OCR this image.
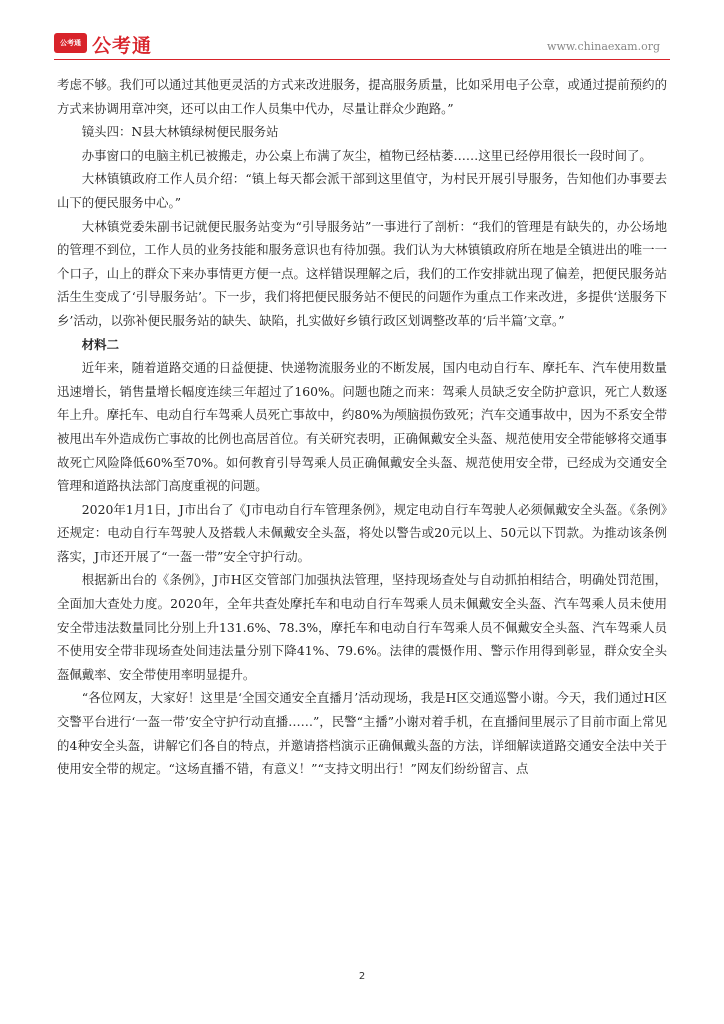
公考通 公考通	www.chinaexam.org

考虑不够。我们可以通过其他更灵活的方式来改进服务，提高服务质量，比如采用电子公章，或通过提前预约的方式来协调用章冲突，还可以由工作人员集中代办，尽量让群众少跑路。”

镜头四：N县大林镇绿树便民服务站

办事窗口的电脑主机已被搬走，办公桌上布满了灰尘，植物已经枯萎……这里已经停用很长一段时间了。

大林镇镇政府工作人员介绍：“镇上每天都会派干部到这里值守，为村民开展引导服务，告知他们办事要去山下的便民服务中心。”

大林镇党委朱副书记就便民服务站变为“引导服务站”一事进行了剖析：“我们的管理是有缺失的，办公场地的管理不到位，工作人员的业务技能和服务意识也有待加强。我们认为大林镇镇政府所在地是全镇进出的唯一一个口子，山上的群众下来办事情更方便一点。这样错误理解之后，我们的工作安排就出现了偏差，把便民服务站活生生变成了‘引导服务站’。下一步，我们将把便民服务站不便民的问题作为重点工作来改进，多提供‘送服务下乡’活动，以弥补便民服务站的缺失、缺陷，扎实做好乡镇行政区划调整改革的‘后半篇’文章。”

材料二

近年来，随着道路交通的日益便捷、快递物流服务业的不断发展，国内电动自行车、摩托车、汽车使用数量迅速增长，销售量增长幅度连续三年超过了160%。问题也随之而来：驾乘人员缺乏安全防护意识，死亡人数逐年上升。摩托车、电动自行车驾乘人员死亡事故中，约80%为颅脑损伤致死；汽车交通事故中，因为不系安全带被甩出车外造成伤亡事故的比例也高居首位。有关研究表明，正确佩戴安全头盔、规范使用安全带能够将交通事故死亡风险降低60%至70%。如何教育引导驾乘人员正确佩戴安全头盔、规范使用安全带，已经成为交通安全管理和道路执法部门高度重视的问题。

2020年1月1日，J市出台了《J市电动自行车管理条例》，规定电动自行车驾驶人必须佩戴安全头盔。《条例》还规定：电动自行车驾驶人及搭载人未佩戴安全头盔，将处以警告或20元以上、50元以下罚款。为推动该条例落实，J市还开展了“一盔一带”安全守护行动。

根据新出台的《条例》，J市H区交管部门加强执法管理，坚持现场查处与自动抓拍相结合，明确处罚范围，全面加大查处力度。2020年，全年共查处摩托车和电动自行车驾乘人员未佩戴安全头盔、汽车驾乘人员未使用安全带违法数量同比分别上升131.6%、78.3%，摩托车和电动自行车驾乘人员不佩戴安全头盔、汽车驾乘人员不使用安全带非现场查处间违法量分别下降41%、79.6%。法律的震慑作用、警示作用得到彰显，群众安全头盔佩戴率、安全带使用率明显提升。

“各位网友，大家好！这里是‘全国交通安全直播月’活动现场，我是H区交通巡警小谢。今天，我们通过H区交警平台进行‘一盔一带’安全守护行动直播……”，民警“主播”小谢对着手机，在直播间里展示了目前市面上常见的4种安全头盔，讲解它们各自的特点，并邀请搭档演示正确佩戴头盔的方法，详细解读道路交通安全法中关于使用安全带的规定。“这场直播不错，有意义！”“支持文明出行！”网友们纷纷留言、点

2
